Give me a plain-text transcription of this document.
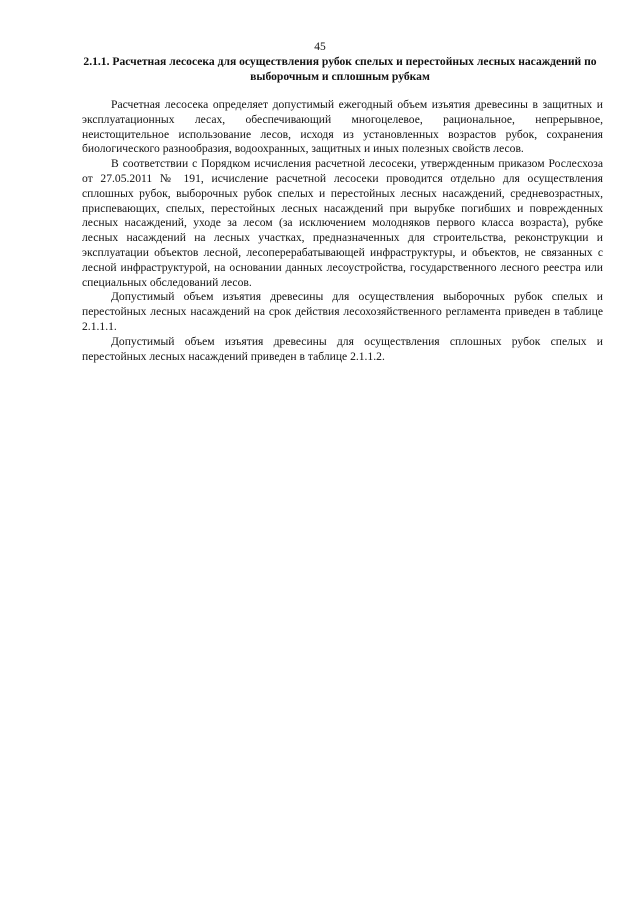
45
2.1.1. Расчетная лесосека для осуществления рубок спелых и перестойных лесных насаждений по выборочным и сплошным рубкам

Расчетная лесосека определяет допустимый ежегодный объем изъятия древесины в защитных и эксплуатационных лесах, обеспечивающий многоцелевое, рациональное, непрерывное, неистощительное использование лесов, исходя из установленных возрастов рубок, сохранения биологического разнообразия, водоохранных, защитных и иных полезных свойств лесов.

В соответствии с Порядком исчисления расчетной лесосеки, утвержденным приказом Рослесхоза от 27.05.2011 № 191, исчисление расчетной лесосеки проводится отдельно для осуществления сплошных рубок, выборочных рубок спелых и перестойных лесных насаждений, средневозрастных, приспевающих, спелых, перестойных лесных насаждений при вырубке погибших и поврежденных лесных насаждений, уходе за лесом (за исключением молодняков первого класса возраста), рубке лесных насаждений на лесных участках, предназначенных для строительства, реконструкции и эксплуатации объектов лесной, лесоперерабатывающей инфраструктуры, и объектов, не связанных с лесной инфраструктурой, на основании данных лесоустройства, государственного лесного реестра или специальных обследований лесов.

Допустимый объем изъятия древесины для осуществления выборочных рубок спелых и перестойных лесных насаждений на срок действия лесохозяйственного регламента приведен в таблице 2.1.1.1.

Допустимый объем изъятия древесины для осуществления сплошных рубок спелых и перестойных лесных насаждений приведен в таблице 2.1.1.2.
